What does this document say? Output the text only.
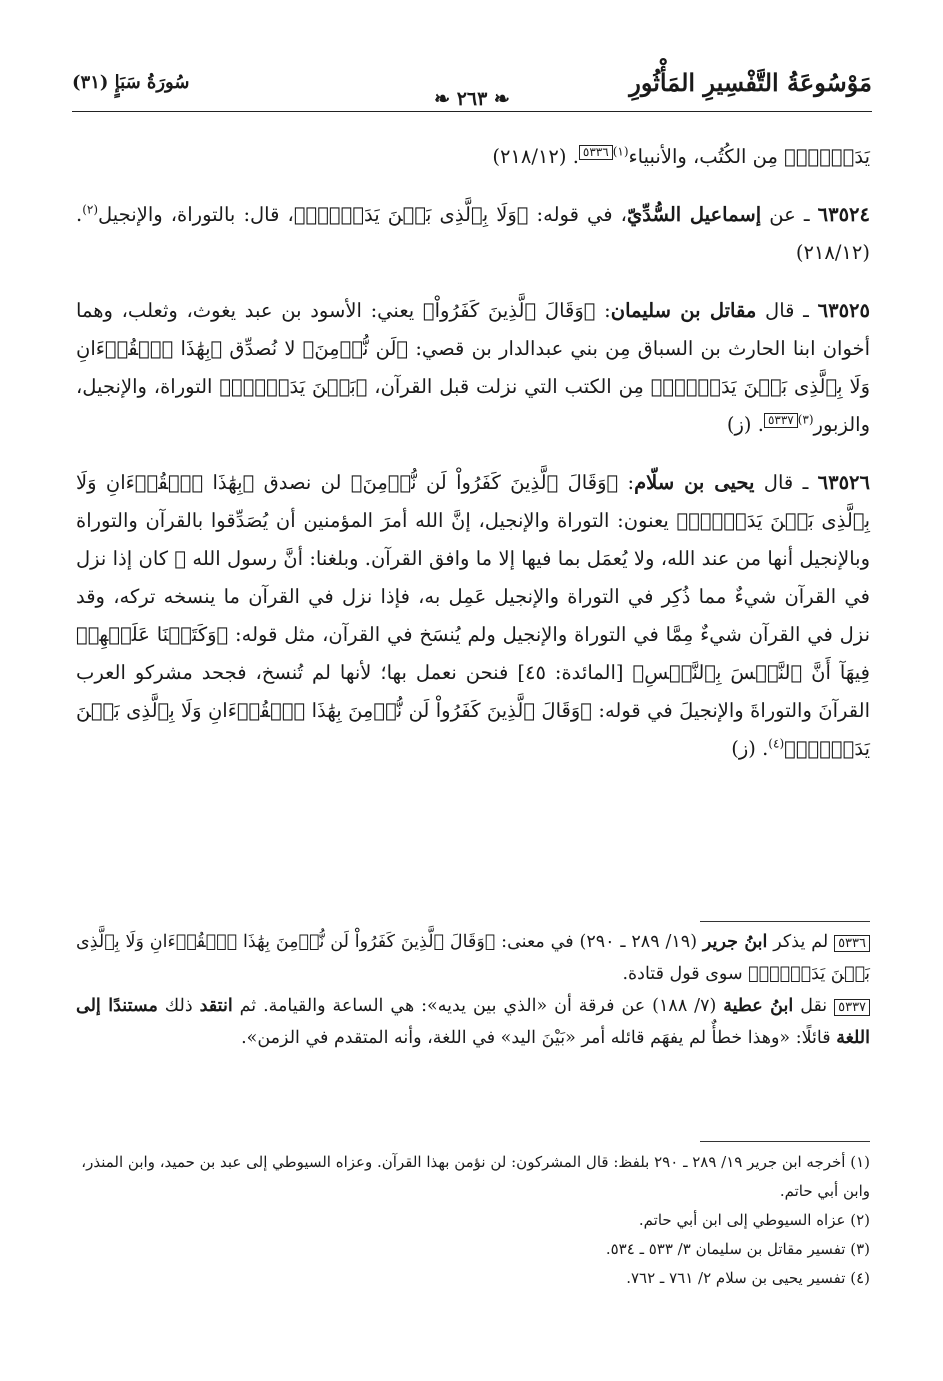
مَوْسُوعَةُ التَّفْسِيرِ المَأْثُورِ
سُورَةُ سَبَإٍ (٣١)
❧ ٢٦٣ ❧

يَدَيۡهِۖ﴾ مِن الكُتُب، والأنبياء$^{(١)}$٥٣٣٦. (٢١٨/١٢)

٦٣٥٢٤ ـ عن إسماعيل السُّدِّيّ، في قوله: ﴿وَلَا بِٱلَّذِى بَيۡنَ يَدَيۡهِۖ﴾، قال: بالتوراة، والإنجيل$^{(٢)}$. (٢١٨/١٢)

٦٣٥٢٥ ـ قال مقاتل بن سليمان: ﴿وَقَالَ ٱلَّذِينَ كَفَرُواْ﴾ يعني: الأسود بن عبد يغوث، وثعلب، وهما أخوان ابنا الحارث بن السباق مِن بني عبدالدار بن قصي: ﴿لَن نُّؤۡمِنَ﴾ لا نُصدِّق ﴿بِهَٰذَا ٱلۡقُرۡءَانِ وَلَا بِٱلَّذِى بَيۡنَ يَدَيۡهِۖ﴾ مِن الكتب التي نزلت قبل القرآن، ﴿بَيۡنَ يَدَيۡهِۖ﴾ التوراة، والإنجيل، والزبور$^{(٣)}$٥٣٣٧. (ز)

٦٣٥٢٦ ـ قال يحيى بن سلّام: ﴿وَقَالَ ٱلَّذِينَ كَفَرُواْ لَن نُّؤۡمِنَ﴾ لن نصدق ﴿بِهَٰذَا ٱلۡقُرۡءَانِ وَلَا بِٱلَّذِى بَيۡنَ يَدَيۡهِۖ﴾ يعنون: التوراة والإنجيل، إنَّ الله أمرَ المؤمنين أن يُصَدِّقوا بالقرآن والتوراة وبالإنجيل أنها من عند الله، ولا يُعمَل بما فيها إلا ما وافق القرآن. وبلغنا: أنَّ رسول الله ﷺ كان إذا نزل في القرآن شيءٌ مما ذُكِر في التوراة والإنجيل عَمِل به، فإذا نزل في القرآن ما ينسخه تركه، وقد نزل في القرآن شيءٌ مِمَّا في التوراة والإنجيل ولم يُنسَخ في القرآن، مثل قوله: ﴿وَكَتَبۡنَا عَلَيۡهِمۡ فِيهَآ أَنَّ ٱلنَّفۡسَ بِٱلنَّفۡسِ﴾ [المائدة: ٤٥] فنحن نعمل بها؛ لأنها لم تُنسخ، فجحد مشركو العرب القرآنَ والتوراةَ والإنجيلَ في قوله: ﴿وَقَالَ ٱلَّذِينَ كَفَرُواْ لَن نُّؤۡمِنَ بِهَٰذَا ٱلۡقُرۡءَانِ وَلَا بِٱلَّذِى بَيۡنَ يَدَيۡهِۖ﴾$^{(٤)}$. (ز)

٥٣٣٦ لم يذكر ابنُ جرير (١٩/ ٢٨٩ ـ ٢٩٠) في معنى: ﴿وَقَالَ ٱلَّذِينَ كَفَرُواْ لَن نُّؤۡمِنَ بِهَٰذَا ٱلۡقُرۡءَانِ وَلَا بِٱلَّذِى بَيۡنَ يَدَيۡهِۖ﴾ سوى قول قتادة.

٥٣٣٧ نقل ابنُ عطية (٧/ ١٨٨) عن فرقة أن «الذي بين يديه»: هي الساعة والقيامة. ثم انتقد ذلك مستندًا إلى اللغة قائلًا: «وهذا خطأٌ لم يفهَم قائله أمر «بَيْنَ اليد» في اللغة، وأنه المتقدم في الزمن».

(١) أخرجه ابن جرير ١٩/ ٢٨٩ ـ ٢٩٠ بلفظ: قال المشركون: لن نؤمن بهذا القرآن. وعزاه السيوطي إلى عبد بن حميد، وابن المنذر، وابن أبي حاتم.

(٢) عزاه السيوطي إلى ابن أبي حاتم.

(٣) تفسير مقاتل بن سليمان ٣/ ٥٣٣ ـ ٥٣٤.

(٤) تفسير يحيى بن سلام ٢/ ٧٦١ ـ ٧٦٢.
